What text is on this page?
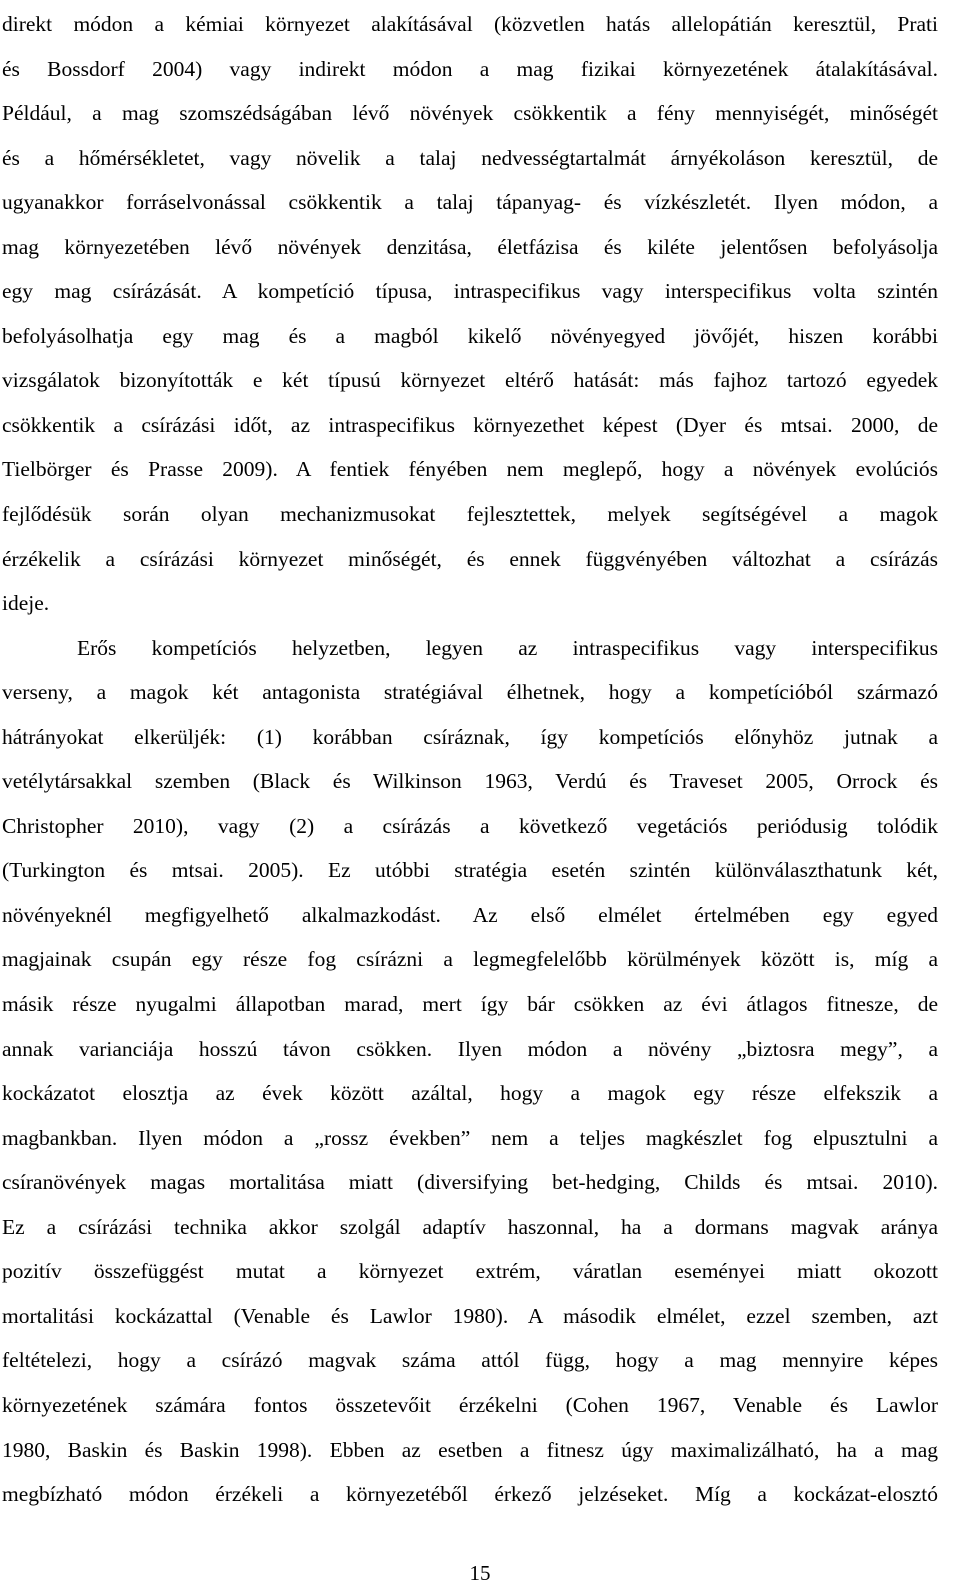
direkt módon a kémiai környezet alakításával (közvetlen hatás allelopátián keresztül, Prati
és Bossdorf 2004) vagy indirekt módon a mag fizikai környezetének átalakításával.
Például, a mag szomszédságában lévő növények csökkentik a fény mennyiségét, minőségét
és a hőmérsékletet, vagy növelik a talaj nedvességtartalmát árnyékoláson keresztül, de
ugyanakkor forráselvonással csökkentik a talaj tápanyag- és vízkészletét. Ilyen módon, a
mag környezetében lévő növények denzitása, életfázisa és kiléte jelentősen befolyásolja
egy mag csírázását. A kompetíció típusa, intraspecifikus vagy interspecifikus volta szintén
befolyásolhatja egy mag és a magból kikelő növényegyed jövőjét, hiszen korábbi
vizsgálatok bizonyították e két típusú környezet eltérő hatását: más fajhoz tartozó egyedek
csökkentik a csírázási időt, az intraspecifikus környezethet képest (Dyer és mtsai. 2000, de
Tielbörger és Prasse 2009). A fentiek fényében nem meglepő, hogy a növények evolúciós
fejlődésük során olyan mechanizmusokat fejlesztettek, melyek segítségével a magok
érzékelik a csírázási környezet minőségét, és ennek függvényében változhat a csírázás
ideje.
Erős kompetíciós helyzetben, legyen az intraspecifikus vagy interspecifikus
verseny, a magok két antagonista stratégiával élhetnek, hogy a kompetícióból származó
hátrányokat elkerüljék: (1) korábban csíráznak, így kompetíciós előnyhöz jutnak a
vetélytársakkal szemben (Black és Wilkinson 1963, Verdú és Traveset 2005, Orrock és
Christopher 2010), vagy (2) a csírázás a következő vegetációs periódusig tolódik
(Turkington és mtsai. 2005). Ez utóbbi stratégia esetén szintén különválaszthatunk két,
növényeknél megfigyelhető alkalmazkodást. Az első elmélet értelmében egy egyed
magjainak csupán egy része fog csírázni a legmegfelelőbb körülmények között is, míg a
másik része nyugalmi állapotban marad, mert így bár csökken az évi átlagos fitnesze, de
annak varianciája hosszú távon csökken. Ilyen módon a növény „biztosra megy”, a
kockázatot elosztja az évek között azáltal, hogy a magok egy része elfekszik a
magbankban. Ilyen módon a „rossz években” nem a teljes magkészlet fog elpusztulni a
csíranövények magas mortalitása miatt (diversifying bet-hedging, Childs és mtsai. 2010).
Ez a csírázási technika akkor szolgál adaptív haszonnal, ha a dormans magvak aránya
pozitív összefüggést mutat a környezet extrém, váratlan eseményei miatt okozott
mortalitási kockázattal (Venable és Lawlor 1980). A második elmélet, ezzel szemben, azt
feltételezi, hogy a csírázó magvak száma attól függ, hogy a mag mennyire képes
környezetének számára fontos összetevőit érzékelni (Cohen 1967, Venable és Lawlor
1980, Baskin és Baskin 1998). Ebben az esetben a fitnesz úgy maximalizálható, ha a mag
megbízható módon érzékeli a környezetéből érkező jelzéseket. Míg a kockázat-elosztó
15
